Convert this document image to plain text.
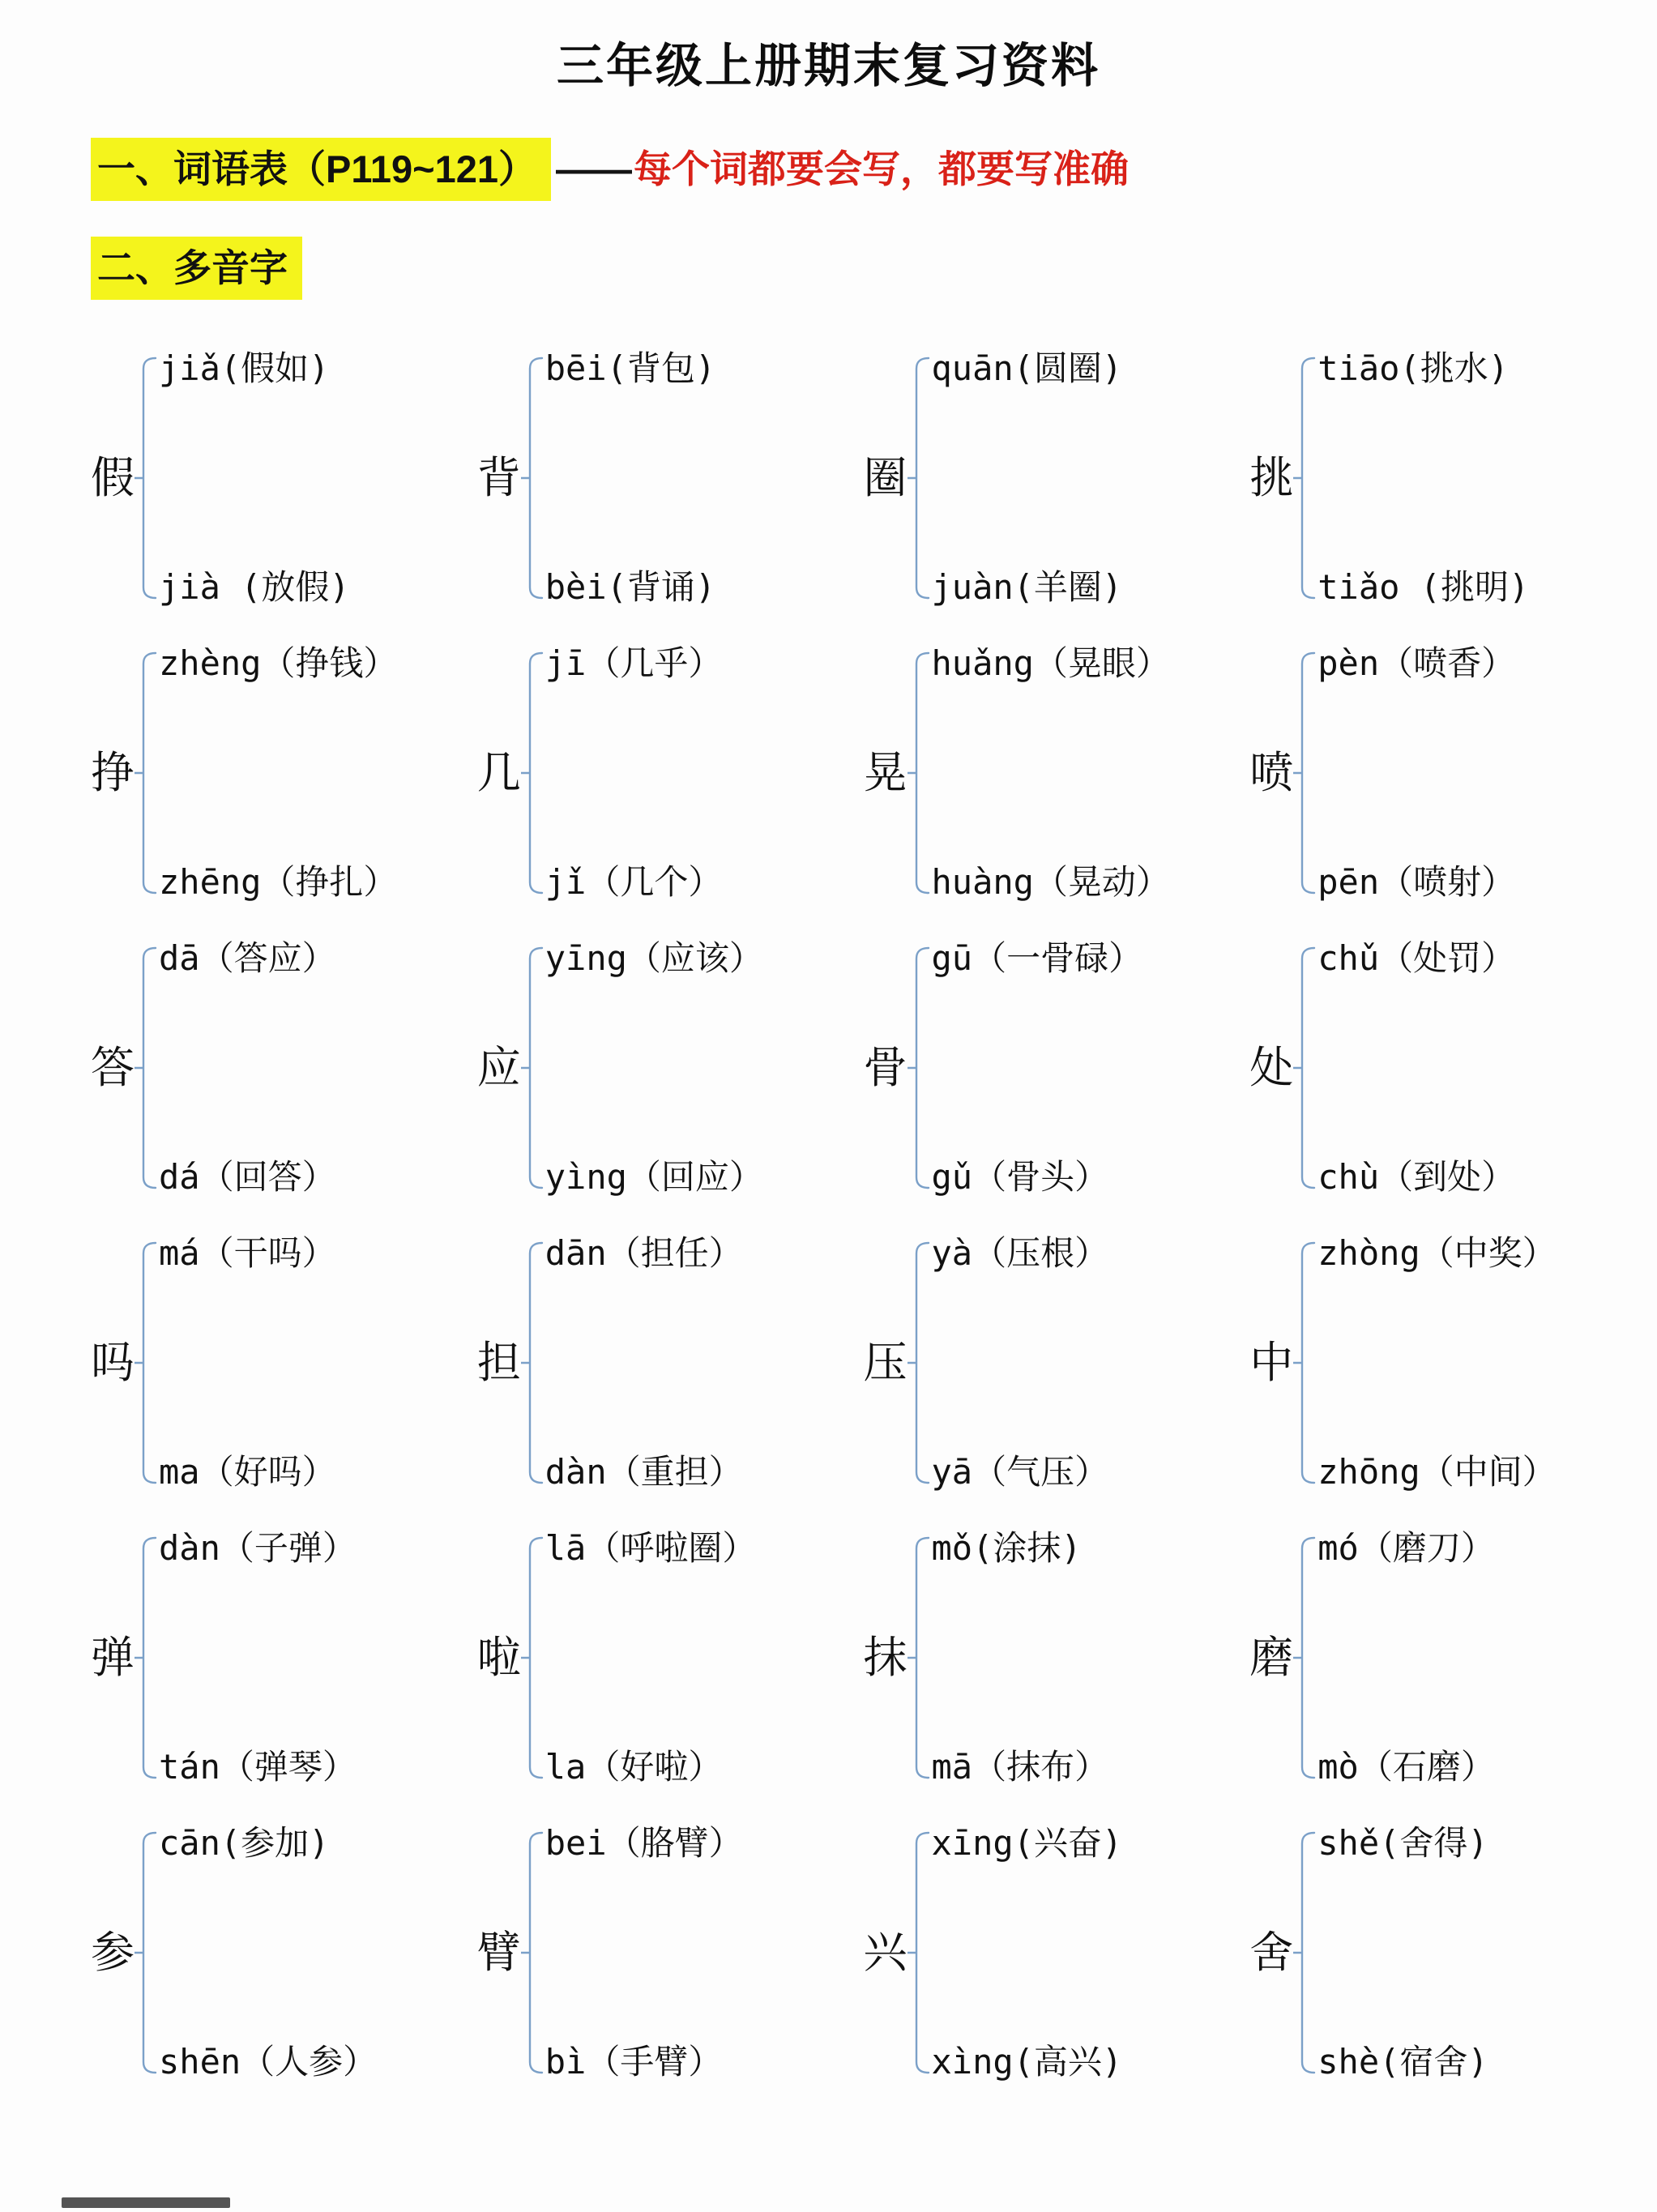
三年级上册期末复习资料
一、词语表（P119~121） —— 每个词都要会写，都要写准确
二、多音字
假
jiǎ(假如)
jià (放假)
背
bēi(背包)
bèi(背诵)
圈
quān(圆圈)
juàn(羊圈)
挑
tiāo(挑水)
tiǎo (挑明)
挣
zhèng（挣钱）
zhēng（挣扎）
几
jī（几乎）
jǐ（几个）
晃
huǎng（晃眼）
huàng（晃动）
喷
pèn（喷香）
pēn（喷射）
答
dā（答应）
dá（回答）
应
yīng（应该）
yìng（回应）
骨
gū（一骨碌）
gǔ（骨头）
处
chǔ（处罚）
chù（到处）
吗
má（干吗）
ma（好吗）
担
dān（担任）
dàn（重担）
压
yà（压根）
yā（气压）
中
zhòng（中奖）
zhōng（中间）
弹
dàn（子弹）
tán（弹琴）
啦
lā（呼啦圈）
la（好啦）
抹
mǒ(涂抹)
mā（抹布）
磨
mó（磨刀）
mò（石磨）
参
cān(参加)
shēn（人参）
臂
bei（胳臂）
bì（手臂）
兴
xīng(兴奋)
xìng(高兴)
舍
shě(舍得)
shè(宿舍)
